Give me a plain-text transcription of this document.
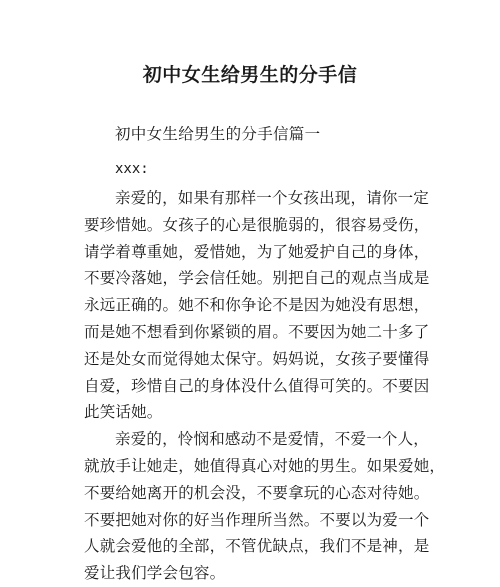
初中女生给男生的分手信
初中女生给男生的分手信篇一
xxx:
亲爱的，如果有那样一个女孩出现，请你一定
要珍惜她。女孩子的心是很脆弱的，很容易受伤，
请学着尊重她，爱惜她，为了她爱护自己的身体，
不要冷落她，学会信任她。别把自己的观点当成是
永远正确的。她不和你争论不是因为她没有思想，
而是她不想看到你紧锁的眉。不要因为她二十多了
还是处女而觉得她太保守。妈妈说，女孩子要懂得
自爱，珍惜自己的身体没什么值得可笑的。不要因
此笑话她。
亲爱的，怜悯和感动不是爱情，不爱一个人，
就放手让她走，她值得真心对她的男生。如果爱她，
不要给她离开的机会没，不要拿玩的心态对待她。
不要把她对你的好当作理所当然。不要以为爱一个
人就会爱他的全部，不管优缺点，我们不是神，是
爱让我们学会包容。
